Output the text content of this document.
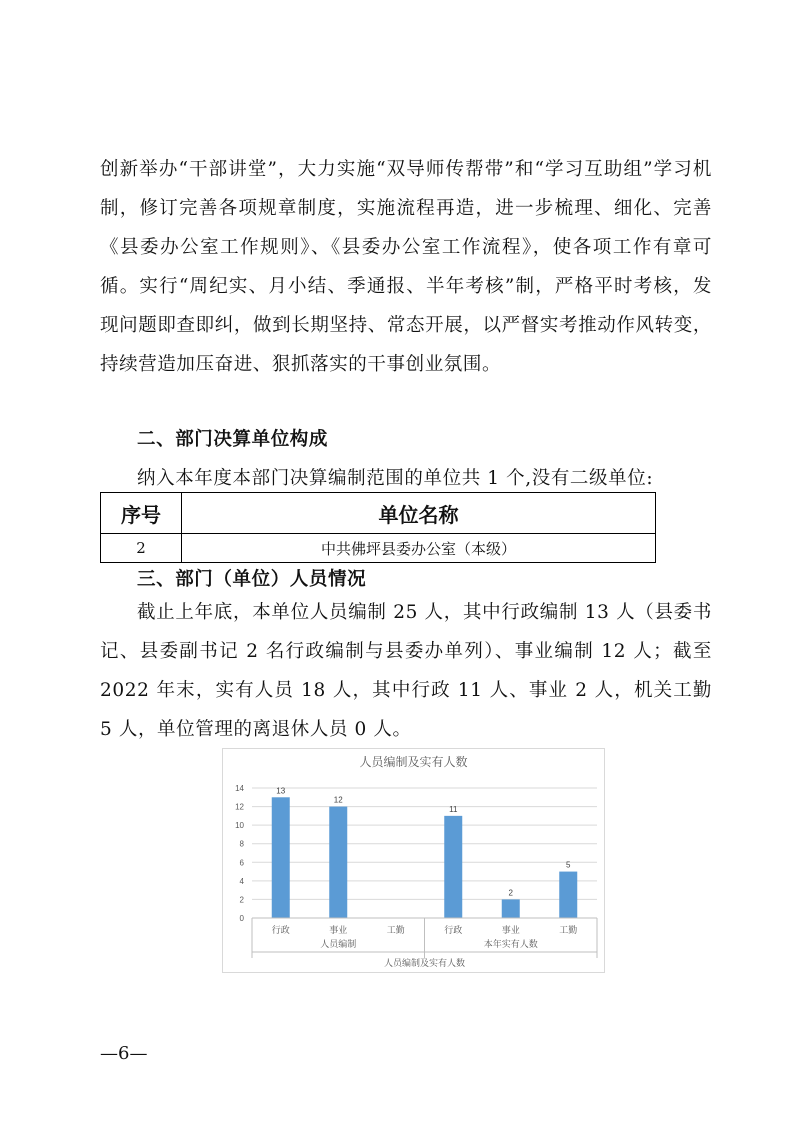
创新举办“干部讲堂”，大力实施“双导师传帮带”和“学习互助组”学习机制，修订完善各项规章制度，实施流程再造，进一步梳理、细化、完善《县委办公室工作规则》、《县委办公室工作流程》，使各项工作有章可循。实行“周纪实、月小结、季通报、半年考核”制，严格平时考核，发现问题即查即纠，做到长期坚持、常态开展，以严督实考推动作风转变，持续营造加压奋进、狠抓落实的干事创业氛围。

二、部门决算单位构成

纳入本年度本部门决算编制范围的单位共 1 个,没有二级单位:

序号	单位名称
2	中共佛坪县委办公室（本级）

三、部门（单位）人员情况

截止上年底，本单位人员编制 25 人，其中行政编制 13 人（县委书记、县委副书记 2 名行政编制与县委办单列）、事业编制 12 人；截至 2022 年末，实有人员 18 人，其中行政 11 人、事业 2 人，机关工勤 5 人，单位管理的离退休人员 0 人。

人员编制及实有人数
0
2
4
6
8
10
12
14	13
行政
12
事业	工勤
11
行政
2
事业
5
工勤
人员编制	本年实有人数
人员编制及实有人数
—6—
